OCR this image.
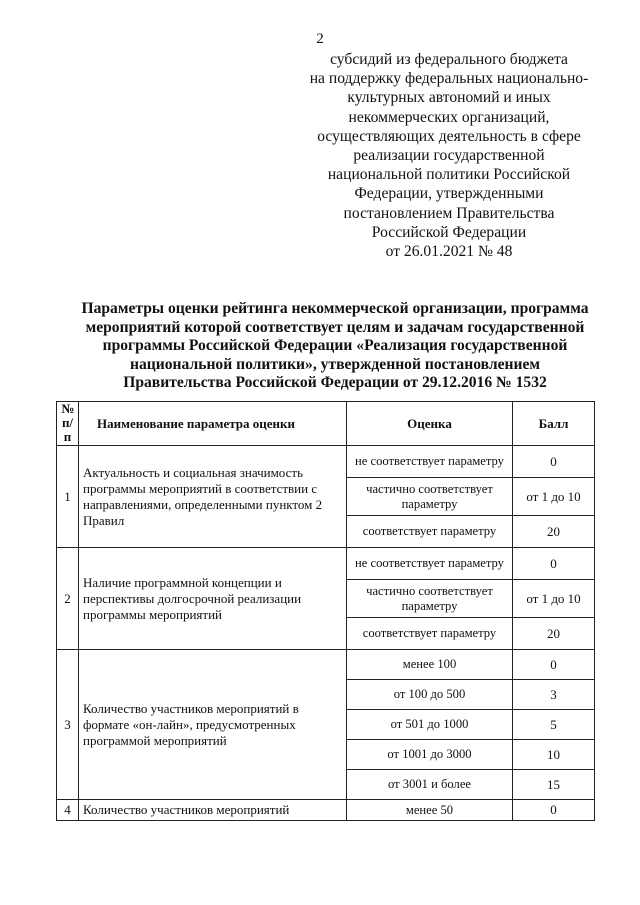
2
субсидий из федерального бюджета
на поддержку федеральных национально-
культурных автономий и иных
некоммерческих организаций,
осуществляющих деятельность в сфере
реализации государственной
национальной политики Российской
Федерации, утвержденными
постановлением Правительства
Российской Федерации
от 26.01.2021 № 48
Параметры оценки рейтинга некоммерческой организации, программа
мероприятий которой соответствует целям и задачам государственной
программы Российской Федерации «Реализация государственной
национальной политики», утвержденной постановлением
Правительства Российской Федерации от 29.12.2016 № 1532
№ п/п	Наименование параметра оценки	Оценка	Балл
1	Актуальность и социальная значимость программы мероприятий в соответствии с направлениями, определенными пунктом 2 Правил	не соответствует параметру	0
		частично соответствует параметру	от 1 до 10
		соответствует параметру	20
2	Наличие программной концепции и перспективы долгосрочной реализации программы мероприятий	не соответствует параметру	0
		частично соответствует параметру	от 1 до 10
		соответствует параметру	20
3	Количество участников мероприятий в формате «он-лайн», предусмотренных программой мероприятий	менее 100	0
		от 100 до 500	3
		от 501 до 1000	5
		от 1001 до 3000	10
		от 3001 и более	15
4	Количество участников мероприятий	менее 50	0
